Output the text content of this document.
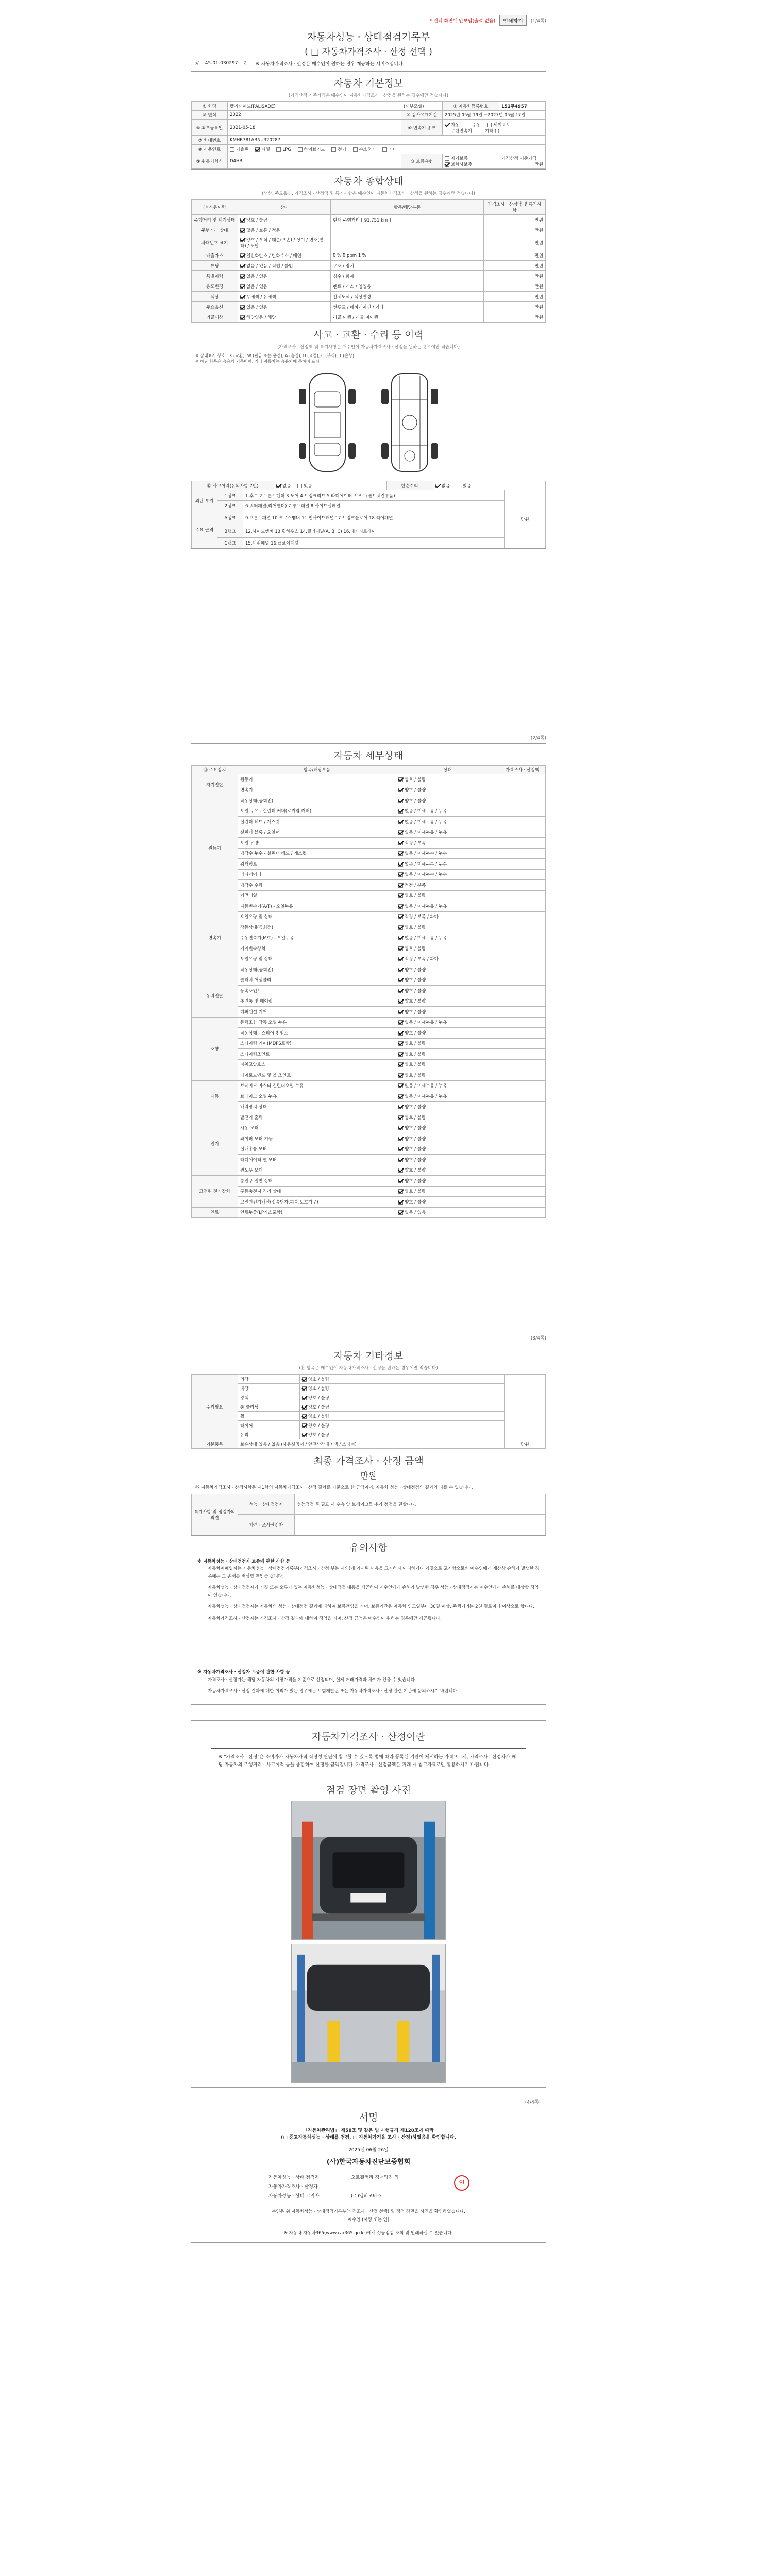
프린터 화면에 안보임(출력 없음)	인쇄하기	(1/4쪽)
자동차성능 · 상태점검기록부
( □ 자동차가격조사 · 산정 선택 )
제	45-01-030297	호 ※ 자동차가격조사 · 산정은 매수인이 원하는 경우 제공하는 서비스입니다.
자동차 기본정보
(가격산정 기준가격은 매수인이 자동차가격조사 · 산정을 원하는 경우에만 적습니다)
① 차명	팰리세이드(PALISADE)	(세부모델)	② 자동차등록번호	152무4957
③ 연식	2022	④ 검사유효기간	2025년 05월 19일 ~2027년 05월 17일	
⑤ 최초등록일	2021-05-18	⑥ 변속기 종류	자동 수동 세미오토 무단변속기 기타 ( )	
⑦ 차대번호	KMHR381ABNU320287			
⑧ 사용연료	가솔린 디젤 LPG 하이브리드 전기 수소전기 기타			
⑨ 원동기형식	D4HB	⑩ 보증유형	자가보증 보험사보증	가격산정 기준가격
만원
자동차 종합상태
(색상, 주요옵션, 가격조사 · 산정액 및 특기사항은 매수인이 자동차가격조사 · 산정을 원하는 경우에만 적습니다)
⑪ 사용이력	상태	항목/해당부품	가격조사 · 산정액 및 특기사항
주행거리 및 계기상태	양호 / 불량	현재 주행거리 [ 91,751 km ]	만원
주행거리 상태	많음 / 보통 / 적음		만원
차대번호 표기	양호 / 부식 / 훼손(오손) / 상이 / 변조(변타) / 도말		만원
배출가스	일산화탄소 / 탄화수소 / 매연	0 % 0 ppm 1 %	만원
튜닝	없음 / 있음 / 적법 / 불법	구조 / 장치	만원
특별이력	없음 / 있음	침수 / 화재	만원
용도변경	없음 / 있음	렌트 / 리스 / 영업용	만원
색상	무채색 / 유채색	전체도색 / 색상변경	만원
주요옵션	없음 / 있음	썬루프 / 네비게이션 / 기타	만원
리콜대상	해당없음 / 해당	리콜 이행 / 리콜 미이행	만원
사고 · 교환 · 수리 등 이력
(가격조사 · 산정액 및 특기사항은 매수인이 자동차가격조사 · 산정을 원하는 경우에만 적습니다)
※ 상태표시 부호 : X (교환), W (판금 또는 용접), A (흠집), U (요철), C (부식), T (손상)
※ 하단 항목은 승용차 기준이며, 기타 자동차는 승용차에 준하여 표시
⑫ 사고이력(유의사항 7번)	없음	있음	단순수리	없음	있음
외판 부위	1랭크	1.후드 2.프론트펜더 3.도어 4.트렁크리드 5.라디에이터 서포트(볼트체결부품)	만원
	2랭크	6.쿼터패널(리어펜더) 7.루프패널 8.사이드실패널	
주요 골격	A랭크	9.프론트패널 10.크로스멤버 11.인사이드패널 17.트렁크플로어 18.리어패널	
	B랭크	12.사이드멤버 13.휠하우스 14.필러패널(A, B, C) 16.패키지트레이	
	C랭크	15.대쉬패널 16.플로어패널	
(2/4쪽)
자동차 세부상태
⑬ 주요장치	항목/해당부품	상태	가격조사 · 산정액
자기진단	원동기	양호 / 불량	
	변속기	양호 / 불량	
원동기	작동상태(공회전)	양호 / 불량	
	오일 누유 - 실린더 커버(로커암 커버)	없음 / 미세누유 / 누유	
	실린더 헤드 / 개스킷	없음 / 미세누유 / 누유	
	실린더 블록 / 오일팬	없음 / 미세누유 / 누유	
	오일 유량	적정 / 부족	
	냉각수 누수 - 실린더 헤드 / 개스킷	없음 / 미세누수 / 누수	
	워터펌프	없음 / 미세누수 / 누수	
	라디에이터	없음 / 미세누수 / 누수	
	냉각수 수량	적정 / 부족	
	커먼레일	양호 / 불량	
변속기	자동변속기(A/T) - 오일누유	없음 / 미세누유 / 누유	
	오일유량 및 상태	적정 / 부족 / 과다	
	작동상태(공회전)	양호 / 불량	
	수동변속기(M/T) - 오일누유	없음 / 미세누유 / 누유	
	기어변속장치	양호 / 불량	
	오일유량 및 상태	적정 / 부족 / 과다	
	작동상태(공회전)	양호 / 불량	
동력전달	클러치 어셈블리	양호 / 불량	
	등속조인트	양호 / 불량	
	추진축 및 베어링	양호 / 불량	
	디퍼렌셜 기어	양호 / 불량	
조향	동력조향 작동 오일 누유	없음 / 미세누유 / 누유	
	작동상태 - 스티어링 펌프	양호 / 불량	
	스티어링 기어(MDPS포함)	양호 / 불량	
	스티어링조인트	양호 / 불량	
	파워고압호스	양호 / 불량	
	타이로드엔드 및 볼 조인트	양호 / 불량	
제동	브레이크 마스터 실린더오일 누유	없음 / 미세누유 / 누유	
	브레이크 오일 누유	없음 / 미세누유 / 누유	
	배력장치 상태	양호 / 불량	
전기	발전기 출력	양호 / 불량	
	시동 모터	양호 / 불량	
	와이퍼 모터 기능	양호 / 불량	
	실내송풍 모터	양호 / 불량	
	라디에이터 팬 모터	양호 / 불량	
	윈도우 모터	양호 / 불량	
고전원 전기장치	충전구 절연 상태	양호 / 불량	
	구동축전지 격리 상태	양호 / 불량	
	고전원전기배선(접속단자,피복,보호기구)	양호 / 불량	
연료	연료누출(LP가스포함)	없음 / 있음	
(3/4쪽)
자동차 기타정보
(⑭ 항목은 매수인이 자동차가격조사 · 산정을 원하는 경우에만 적습니다)
수리필요	외장	양호 / 불량	
	내장	양호 / 불량	
	광택	양호 / 불량	
	룸 클리닝	양호 / 불량	
	휠	양호 / 불량	
	타이어	양호 / 불량	
	유리	양호 / 불량	
기본품목	보유상태 있음 / 없음 (사용설명서 / 안전삼각대 / 잭 / 스패너)		만원
최종 가격조사 · 산정 금액
만원
⑮ 자동차가격조사 · 산정사항은 제1항의 자동차가격조사 · 산정 결과를 기준으로 한 금액이며, 자동차 성능 · 상태점검의 결과와 다를 수 있습니다.
특기사항 및 점검자의 의견	성능 · 상태점검자	성능점검 후 필요 시 우측 앞 브레이크등 추가 점검을 권합니다.
	가격 · 조사산정자	
유의사항
※ 자동차성능 · 상태점검자 보증에 관한 사항 등
자동차매매업자는 자동차성능 · 상태점검기록부(가격조사 · 산정 부분 제외)에 기재된 내용을 고지하지 아니하거나 거짓으로 고지함으로써 매수인에게 재산상 손해가 발생한 경우에는 그 손해를 배상할 책임을 집니다.
자동차성능 · 상태점검자가 거짓 또는 오류가 있는 자동차성능 · 상태점검 내용을 제공하여 매수인에게 손해가 발생한 경우 성능 · 상태점검자는 매수인에게 손해를 배상할 책임이 있습니다.
자동차성능 · 상태점검자는 자동차의 성능 · 상태점검 결과에 대하여 보증책임을 지며, 보증기간은 자동차 인도일부터 30일 이상, 주행거리는 2천 킬로미터 이상으로 합니다.
자동차가격조사 · 산정자는 가격조사 · 산정 결과에 대하여 책임을 지며, 산정 금액은 매수인이 원하는 경우에만 제공됩니다.
※ 자동차가격조사 · 산정자 보증에 관한 사항 등
가격조사 · 산정가는 해당 자동차의 시장가격을 기준으로 산정되며, 실제 거래가격과 차이가 있을 수 있습니다.
자동차가격조사 · 산정 결과에 대한 이의가 있는 경우에는 보험개발원 또는 자동차가격조사 · 산정 관련 기관에 문의하시기 바랍니다.
자동차가격조사 · 산정이란
※ "가격조사 · 산정"은 소비자가 자동차가격 적정성 판단에 참고할 수 있도록 법에 따라 등록된 기관이 제시하는 가격으로서, 가격조사 · 산정자가 해당 자동차의 주행거리 · 사고이력 등을 종합하여 산정한 금액입니다. 가격조사 · 산정금액은 거래 시 참고자료로만 활용하시기 바랍니다.
점검 장면 촬영 사진
(4/4쪽)
서명
「자동차관리법」 제58조 및 같은 법 시행규칙 제120조에 따라
(□ 중고자동차성능 · 상태를 점검, □ 자동차가격을 조사 · 산정)하였음을 확인합니다.
2025년 06월 26일
(사)한국자동차진단보증협회
자동차성능 · 상태 점검자	오토갤러리 경매와진 외
자동차가격조사 · 산정자
자동차성능 · 상태 고지자	(주)엠피모터스
인
본인은 위 자동차성능 · 상태점검기록부(가격조사 · 산정 선택) 및 점검 장면을 사진을 확인하였습니다.
매수인 (서명 또는 인)
※ 자동차 자동차365(www.car365.go.kr)에서 성능점검 조회 및 인쇄하실 수 있습니다.
